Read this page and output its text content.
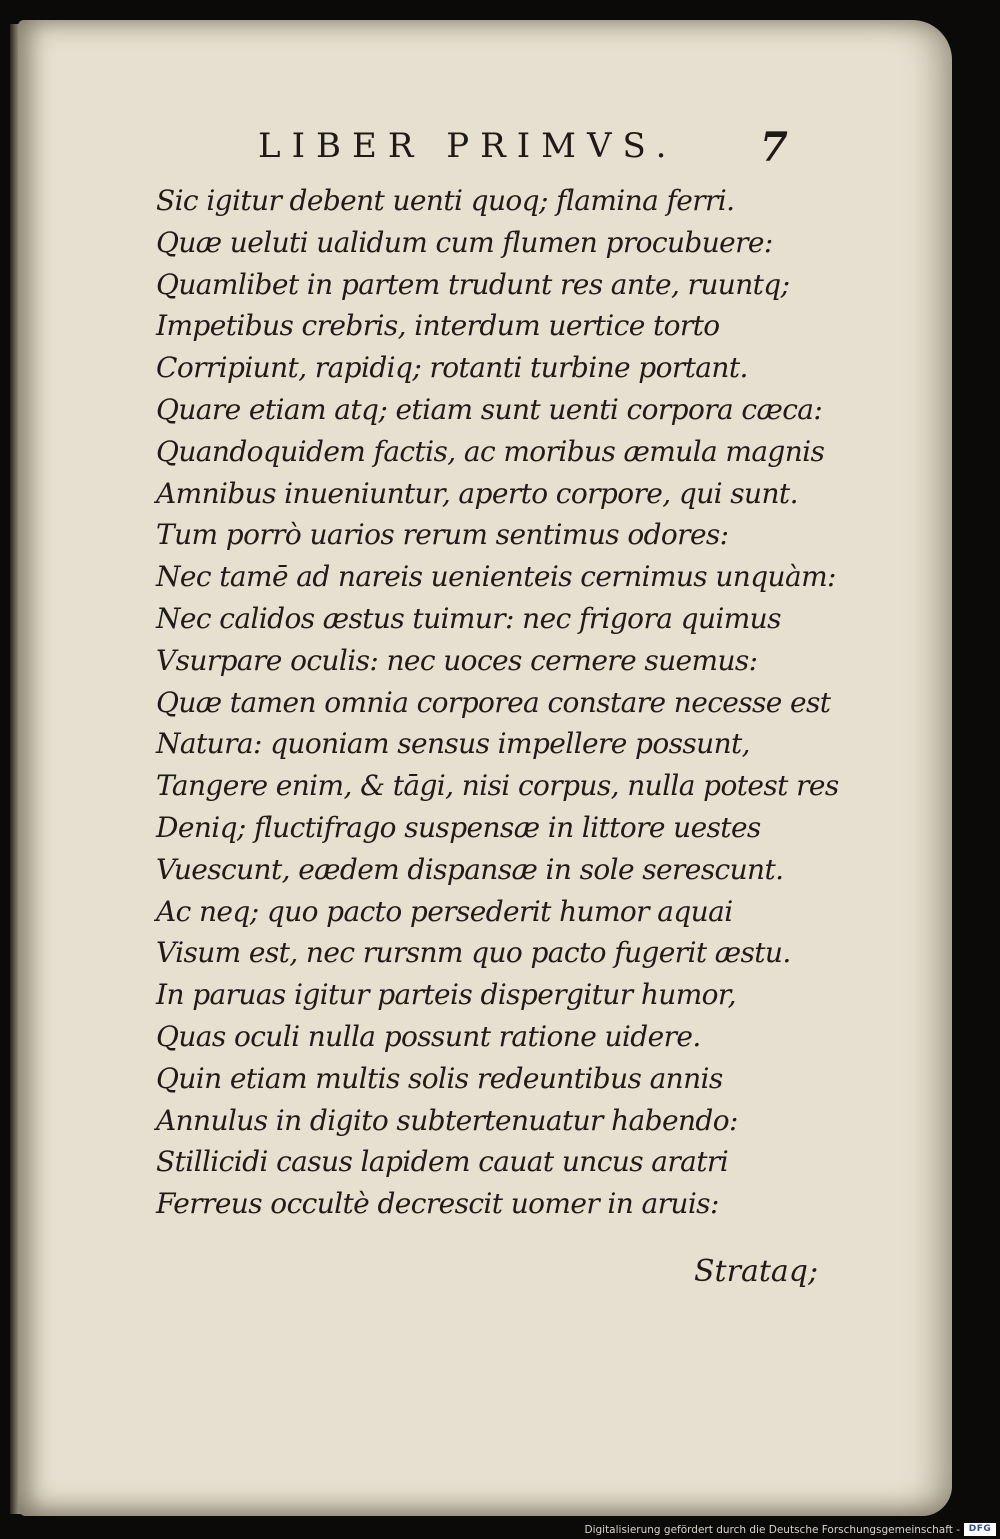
LIBER PRIMVS. 7
Sic igitur debent uenti quoq; flamina ferri.
Quæ ueluti ualidum cum flumen procubuere:
Quamlibet in partem trudunt res ante, ruuntq;
Impetibus crebris, interdum uertice torto
Corripiunt, rapidiq; rotanti turbine portant.
Quare etiam atq; etiam sunt uenti corpora cæca:
Quandoquidem factis, ac moribus æmula magnis
Amnibus inueniuntur, aperto corpore, qui sunt.
Tum porrò uarios rerum sentimus odores:
Nec tamē ad nareis uenienteis cernimus unquàm:
Nec calidos æstus tuimur: nec frigora quimus
Vsurpare oculis: nec uoces cernere suemus:
Quæ tamen omnia corporea constare necesse est
Natura: quoniam sensus impellere possunt,
Tangere enim, & tāgi, nisi corpus, nulla potest res
Deniq; fluctifrago suspensæ in littore uestes
Vuescunt, eædem dispansæ in sole serescunt.
Ac neq; quo pacto persederit humor aquai
Visum est, nec rursnm quo pacto fugerit æstu.
In paruas igitur parteis dispergitur humor,
Quas oculi nulla possunt ratione uidere.
Quin etiam multis solis redeuntibus annis
Annulus in digito subtertenuatur habendo:
Stillicidi casus lapidem cauat uncus aratri
Ferreus occultè decrescit uomer in aruis:
Strataq;
Digitalisierung gefördert durch die Deutsche Forschungsgemeinschaft - DFG
